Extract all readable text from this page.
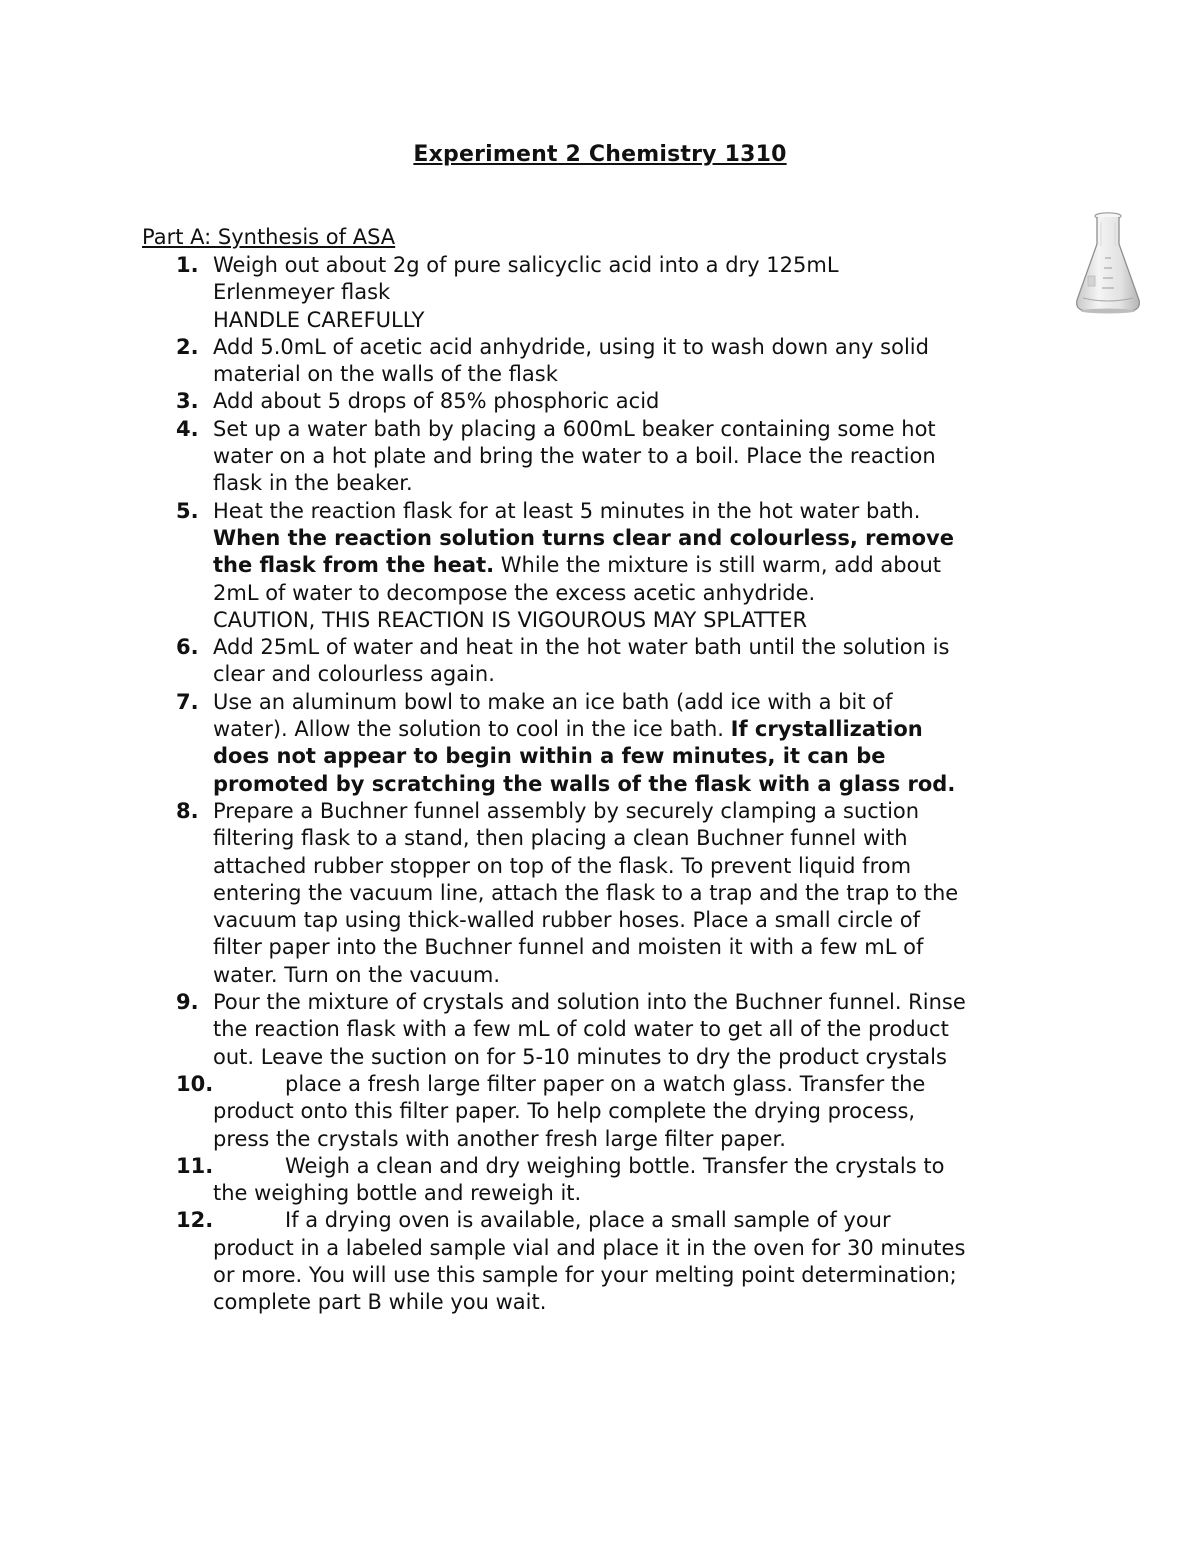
Experiment 2 Chemistry 1310
Part A: Synthesis of ASA
1. Weigh out about 2g of pure salicyclic acid into a dry 125mL
Erlenmeyer flask
HANDLE CAREFULLY
2. Add 5.0mL of acetic acid anhydride, using it to wash down any solid
material on the walls of the flask
3. Add about 5 drops of 85% phosphoric acid
4. Set up a water bath by placing a 600mL beaker containing some hot
water on a hot plate and bring the water to a boil. Place the reaction
flask in the beaker.
5. Heat the reaction flask for at least 5 minutes in the hot water bath.
When the reaction solution turns clear and colourless, remove
the flask from the heat. While the mixture is still warm, add about
2mL of water to decompose the excess acetic anhydride.
CAUTION, THIS REACTION IS VIGOUROUS MAY SPLATTER
6. Add 25mL of water and heat in the hot water bath until the solution is
clear and colourless again.
7. Use an aluminum bowl to make an ice bath (add ice with a bit of
water). Allow the solution to cool in the ice bath. If crystallization
does not appear to begin within a few minutes, it can be
promoted by scratching the walls of the flask with a glass rod.
8. Prepare a Buchner funnel assembly by securely clamping a suction
filtering flask to a stand, then placing a clean Buchner funnel with
attached rubber stopper on top of the flask. To prevent liquid from
entering the vacuum line, attach the flask to a trap and the trap to the
vacuum tap using thick-walled rubber hoses. Place a small circle of
filter paper into the Buchner funnel and moisten it with a few mL of
water. Turn on the vacuum.
9. Pour the mixture of crystals and solution into the Buchner funnel. Rinse
the reaction flask with a few mL of cold water to get all of the product
out. Leave the suction on for 5-10 minutes to dry the product crystals
10.	place a fresh large filter paper on a watch glass. Transfer the
product onto this filter paper. To help complete the drying process,
press the crystals with another fresh large filter paper.
11.	Weigh a clean and dry weighing bottle. Transfer the crystals to
the weighing bottle and reweigh it.
12.	If a drying oven is available, place a small sample of your
product in a labeled sample vial and place it in the oven for 30 minutes
or more. You will use this sample for your melting point determination;
complete part B while you wait.
